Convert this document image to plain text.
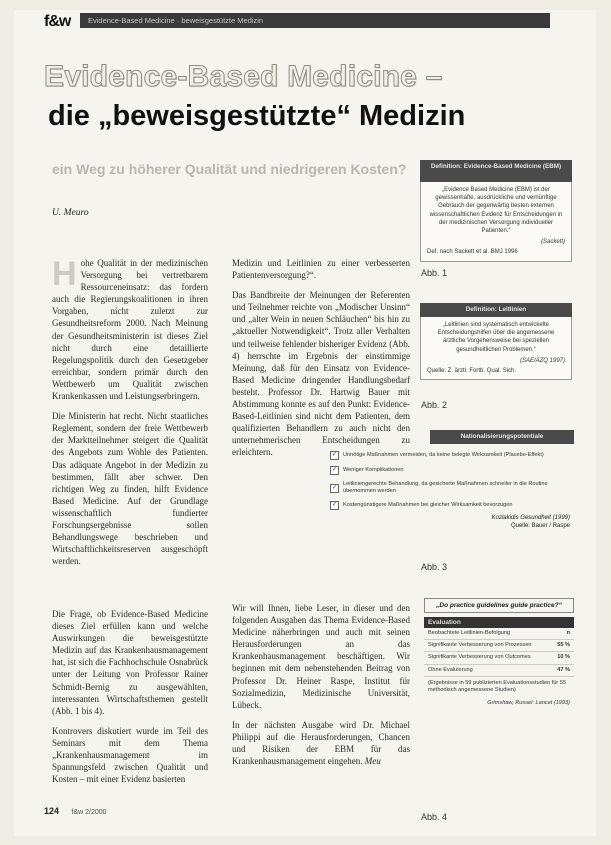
f&w	Evidence-Based Medicine · beweisgestützte Medizin
Evidence-Based Medicine –
die „beweisgestützte“ Medizin
ein Weg zu höherer Qualität und niedrigeren Kosten?
U. Meuro

Hohe Qualität in der medizinischen Versorgung bei vertretbarem Ressourceneinsatz: das fordern auch die Regierungskoalitionen in ihren Vorgaben, nicht zuletzt zur Gesundheitsreform 2000. Nach Meinung der Gesundheitsministerin ist dieses Ziel nicht durch eine detaillierte Regelungspolitik durch den Gesetzgeber erreichbar, sondern primär durch den Wettbewerb um Qualität zwischen Krankenkassen und Leistungserbringern.

Die Ministerin hat recht. Nicht staatliches Reglement, sondern der freie Wettbewerb der Marktteilnehmer steigert die Qualität des Angebots zum Wohle des Patienten. Das adäquate Angebot in der Medizin zu bestimmen, fällt aber schwer. Den richtigen Weg zu finden, hilft Evidence Based Medicine. Auf der Grundlage wissenschaftlich fundierter Forschungsergebnisse sollen Behandlungswege beschrieben und Wirtschaftlichkeitsreserven ausgeschöpft werden.

Die Frage, ob Evidence-Based Medicine dieses Ziel erfüllen kann und welche Auswirkungen die beweisgestützte Medizin auf das Krankenhausmanagement hat, ist sich die Fachhochschule Osnabrück unter der Leitung von Professor Rainer Schmidt-Bernig zu ausgewählten, interessanten Wirtschaftsthemen gestellt (Abb. 1 bis 4).

Kontrovers diskutiert wurde im Teil des Seminars mit dem Thema „Krankenhausmanagement im Spannungsfeld zwischen Qualität und Kosten – mit einer Evidenz basierten

Medizin und Leitlinien zu einer verbesserten Patientenversorgung?“.

Das Bandbreite der Meinungen der Referenten und Teilnehmer reichte von „Modischer Unsinn“ und „alter Wein in neuen Schläuchen“ bis hin zu „aktueller Notwendigkeit“. Trotz aller Verhalten und teilweise fehlender bisheriger Evidenz (Abb. 4) herrschte im Ergebnis der einstimmige Meinung, daß für den Einsatz von Evidence-Based Medicine dringender Handlungsbedarf besteht. Professor Dr. Hartwig Bauer mit Abstimmung konnte es auf den Punkt: Evidence-Based-Leitlinien sind nicht dem Patienten, dem qualifizierten Behandlern zu auch nicht den unternehmerischen Entscheidungen zu erleichtern.

Wir will Ihnen, liebe Leser, in dieser und den folgenden Ausgaben das Thema Evidence-Based Medicine näherbringen und auch mit seinen Herausforderungen an das Krankenhausmanagement beschäftigen. Wir beginnen mit dem nebenstehenden Beitrag von Professor Dr. Heiner Raspe, Institut für Sozialmedizin, Medizinische Universität, Lübeck.

In der nächsten Ausgabe wird Dr. Michael Philippi auf die Herausforderungen, Chancen und Risiken der EBM für das Krankenhausmanagement eingehen. Meu

Definition: Evidence-Based Medicine (EBM)
„Evidence Based Medicine (EBM) ist der gewissenhafte, ausdrückliche und vernünftige Gebrauch der gegenwärtig besten externen wissenschaftlichen Evidenz für Entscheidungen in der medizinischen Versorgung individueller Patienten.“
(Sackett)
Def. nach Sackett et al. BMJ 1996
Abb. 1
Definition: Leitlinien
„Leitlinien sind systematisch entwickelte Entscheidungshilfen über die angemessene ärztliche Vorgehensweise bei speziellen gesundheitlichen Problemen.“
(SAE/ÄZQ 1997)
Quelle: Z. ärztl. Fortb. Qual. Sich.
Abb. 2
Nationalisierungspotentiale
✓	Unnötige Maßnahmen vermeiden, da keine belegte Wirksamkeit (Placebo-Effekt)
✓	Weniger Komplikationen
✓
Leitliniengerechte Behandlung, da gesicherte Maßnahmen schneller in die Routine übernommen werden
✓	Kostengünstigere Maßnahmen bei gleicher Wirksamkeit bevorzugen
Kozlakidis Gesundheit (1999)
Quelle: Bauer / Raspe
Abb. 3
„Do practice guidelines guide practice?“
Evaluation
Beobachtete Leitlinien-Befolgung	n
Signifikante Verbesserung von Prozessen	55 %
Signifikante Verbesserung von Outcomes	10 %
Ohne Evaluierung	47 %
(Ergebnisse in 59 publizierten Evaluationsstudien für 55 methodisch angemessene Studien)
Grimshaw, Russel: Lancet (1993)
Abb. 4
124 f&w 2/2000
